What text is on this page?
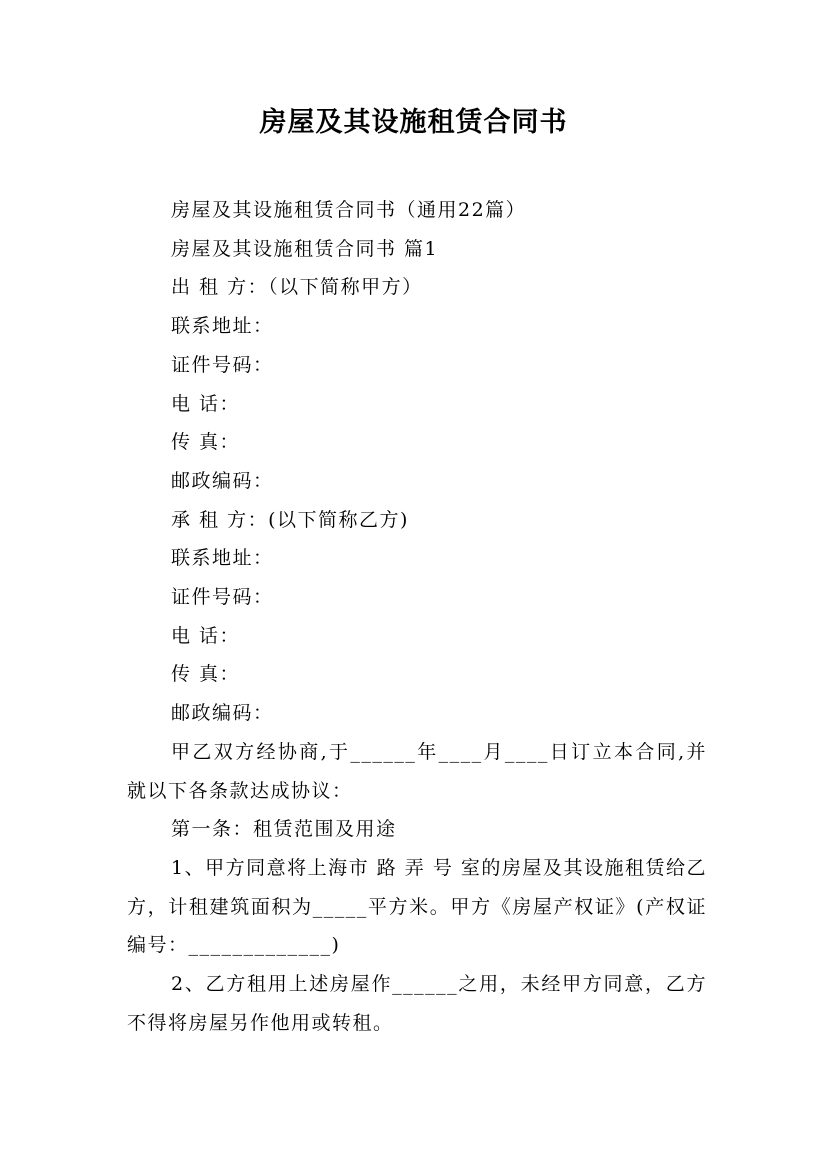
房屋及其设施租赁合同书
房屋及其设施租赁合同书（通用22篇）
房屋及其设施租赁合同书 篇1
出 租 方：（以下简称甲方）
联系地址：
证件号码：
电 话：
传 真：
邮政编码：
承 租 方：(以下简称乙方)
联系地址：
证件号码：
电 话：
传 真：
邮政编码：
甲乙双方经协商,于______年____月____日订立本合同,并就以下各条款达成协议：
第一条：租赁范围及用途
1、甲方同意将上海市 路 弄 号 室的房屋及其设施租赁给乙方，计租建筑面积为_____平方米。甲方《房屋产权证》(产权证编号：_____________)
2、乙方租用上述房屋作______之用，未经甲方同意，乙方不得将房屋另作他用或转租。
